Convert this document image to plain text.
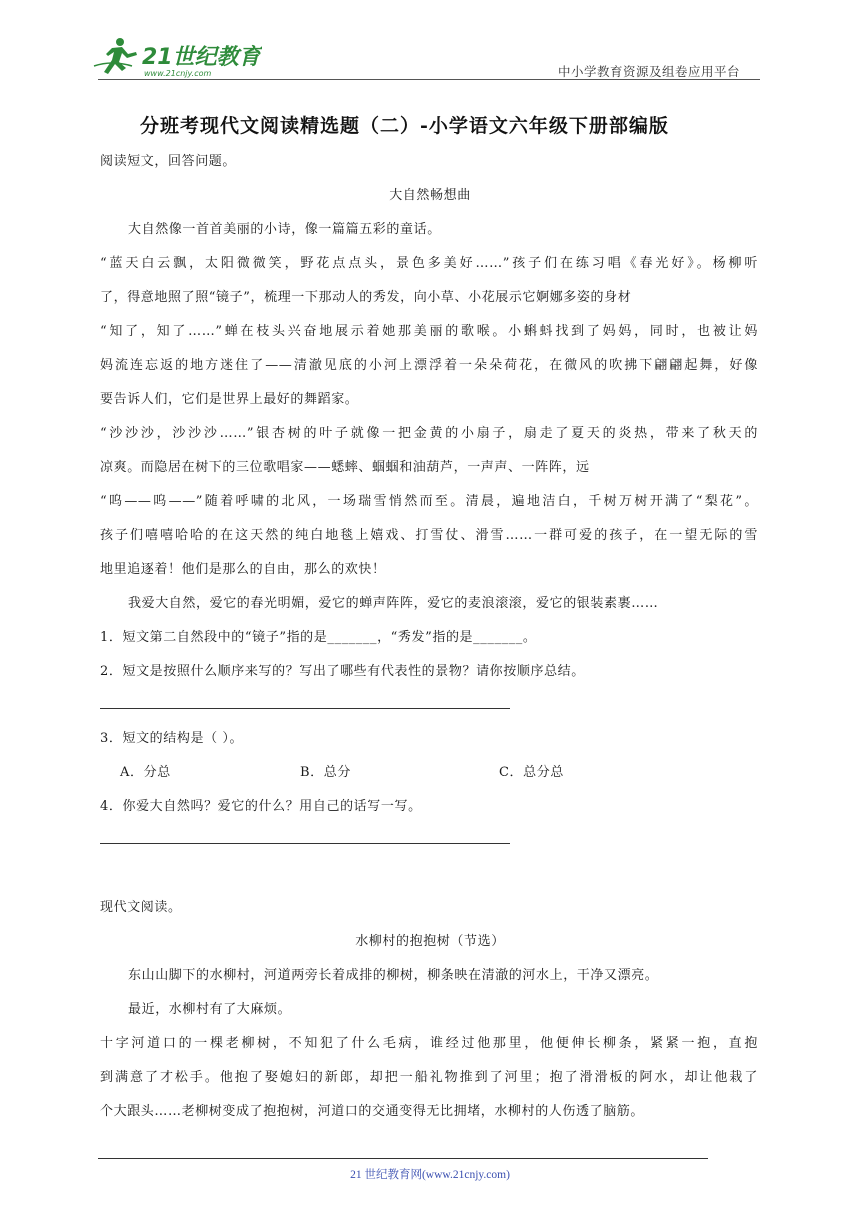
21世纪教育
www.21cnjy.com	中小学教育资源及组卷应用平台
分班考现代文阅读精选题（二）-小学语文六年级下册部编版
阅读短文，回答问题。
大自然畅想曲
大自然像一首首美丽的小诗，像一篇篇五彩的童话。
“蓝天白云飘，太阳微微笑，野花点点头，景色多美好……”孩子们在练习唱《春光好》。杨柳听
了，得意地照了照“镜子”，梳理一下那动人的秀发，向小草、小花展示它婀娜多姿的身材
“知了，知了……”蝉在枝头兴奋地展示着她那美丽的歌喉。小蝌蚪找到了妈妈，同时，也被让妈
妈流连忘返的地方迷住了——清澈见底的小河上漂浮着一朵朵荷花，在微风的吹拂下翩翩起舞，好像
要告诉人们，它们是世界上最好的舞蹈家。
“沙沙沙，沙沙沙……”银杏树的叶子就像一把金黄的小扇子，扇走了夏天的炎热，带来了秋天的
凉爽。而隐居在树下的三位歌唱家——蟋蟀、蝈蝈和油葫芦，一声声、一阵阵，远
“呜——呜——”随着呼啸的北风，一场瑞雪悄然而至。清晨，遍地洁白，千树万树开满了“梨花”。
孩子们嘻嘻哈哈的在这天然的纯白地毯上嬉戏、打雪仗、滑雪……一群可爱的孩子，在一望无际的雪
地里追逐着！他们是那么的自由，那么的欢快！
我爱大自然，爱它的春光明媚，爱它的蝉声阵阵，爱它的麦浪滚滚，爱它的银装素裹……
1．短文第二自然段中的“镜子”指的是_______，“秀发”指的是_______。
2．短文是按照什么顺序来写的？写出了哪些有代表性的景物？请你按顺序总结。
3．短文的结构是（ ）。
A．分总	B．总分	C．总分总
4．你爱大自然吗？爱它的什么？用自己的话写一写。
现代文阅读。
水柳村的抱抱树（节选）
东山山脚下的水柳村，河道两旁长着成排的柳树，柳条映在清澈的河水上，干净又漂亮。
最近，水柳村有了大麻烦。
十字河道口的一棵老柳树，不知犯了什么毛病，谁经过他那里，他便伸长柳条，紧紧一抱，直抱
到满意了才松手。他抱了娶媳妇的新郎，却把一船礼物推到了河里；抱了滑滑板的阿水，却让他栽了
个大跟头……老柳树变成了抱抱树，河道口的交通变得无比拥堵，水柳村的人伤透了脑筋。
21 世纪教育网(www.21cnjy.com)
